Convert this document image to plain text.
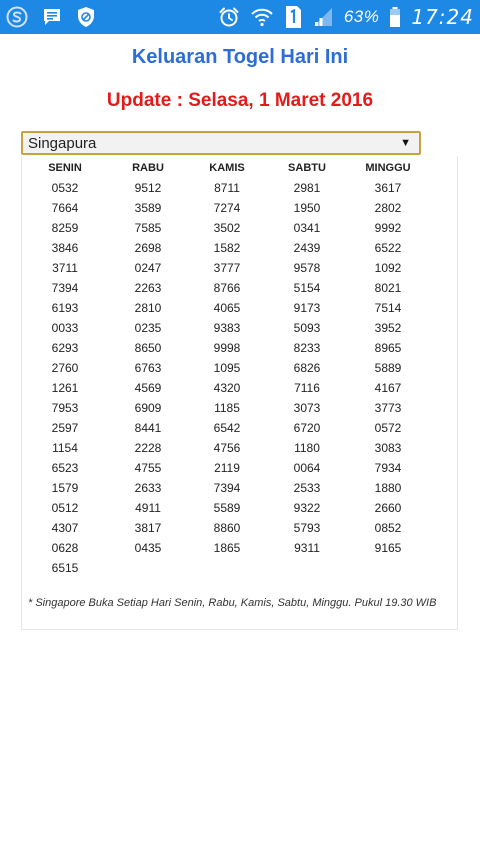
63% 17:24
Keluaran Togel Hari Ini
Update : Selasa, 1 Maret 2016
Singapura	▼
SENIN	RABU	KAMIS	SABTU	MINGGU
0532	9512	8711	2981	3617
7664	3589	7274	1950	2802
8259	7585	3502	0341	9992
3846	2698	1582	2439	6522
3711	0247	3777	9578	1092
7394	2263	8766	5154	8021
6193	2810	4065	9173	7514
0033	0235	9383	5093	3952
6293	8650	9998	8233	8965
2760	6763	1095	6826	5889
1261	4569	4320	7116	4167
7953	6909	1185	3073	3773
2597	8441	6542	6720	0572
1154	2228	4756	1180	3083
6523	4755	2119	0064	7934
1579	2633	7394	2533	1880
0512	4911	5589	9322	2660
4307	3817	8860	5793	0852
0628	0435	1865	9311	9165
6515
* Singapore Buka Setiap Hari Senin, Rabu, Kamis, Sabtu, Minggu. Pukul 19.30 WIB
